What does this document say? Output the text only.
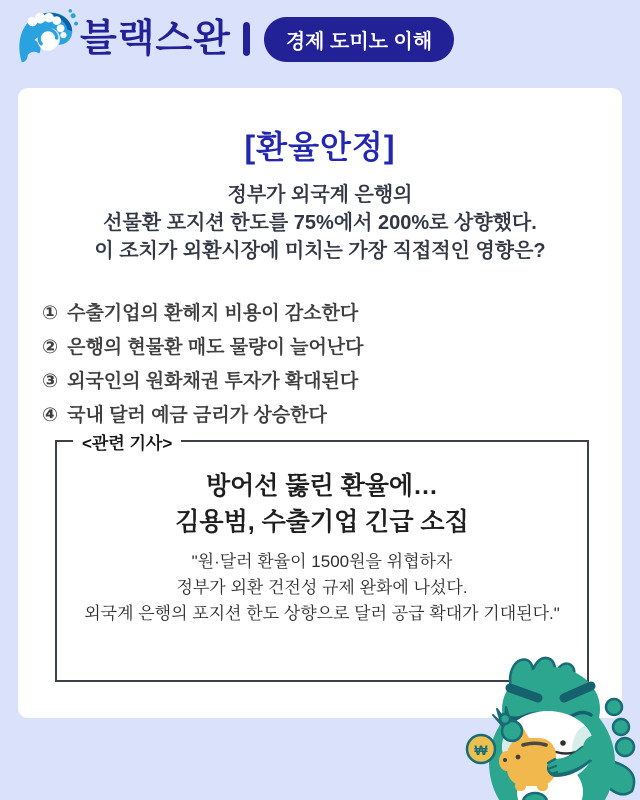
블랙스완	경제 도미노 이해
[환율안정]
정부가 외국계 은행의
선물환 포지션 한도를 75%에서 200%로 상향했다.
이 조치가 외환시장에 미치는 가장 직접적인 영향은?
① 수출기업의 환헤지 비용이 감소한다
② 은행의 현물환 매도 물량이 늘어난다
③ 외국인의 원화채권 투자가 확대된다
④ 국내 달러 예금 금리가 상승한다
<관련 기사>
방어선 뚫린 환율에…
김용범, 수출기업 긴급 소집
"원·달러 환율이 1500원을 위협하자
정부가 외환 건전성 규제 완화에 나섰다.
외국계 은행의 포지션 한도 상향으로 달러 공급 확대가 기대된다."
₩
